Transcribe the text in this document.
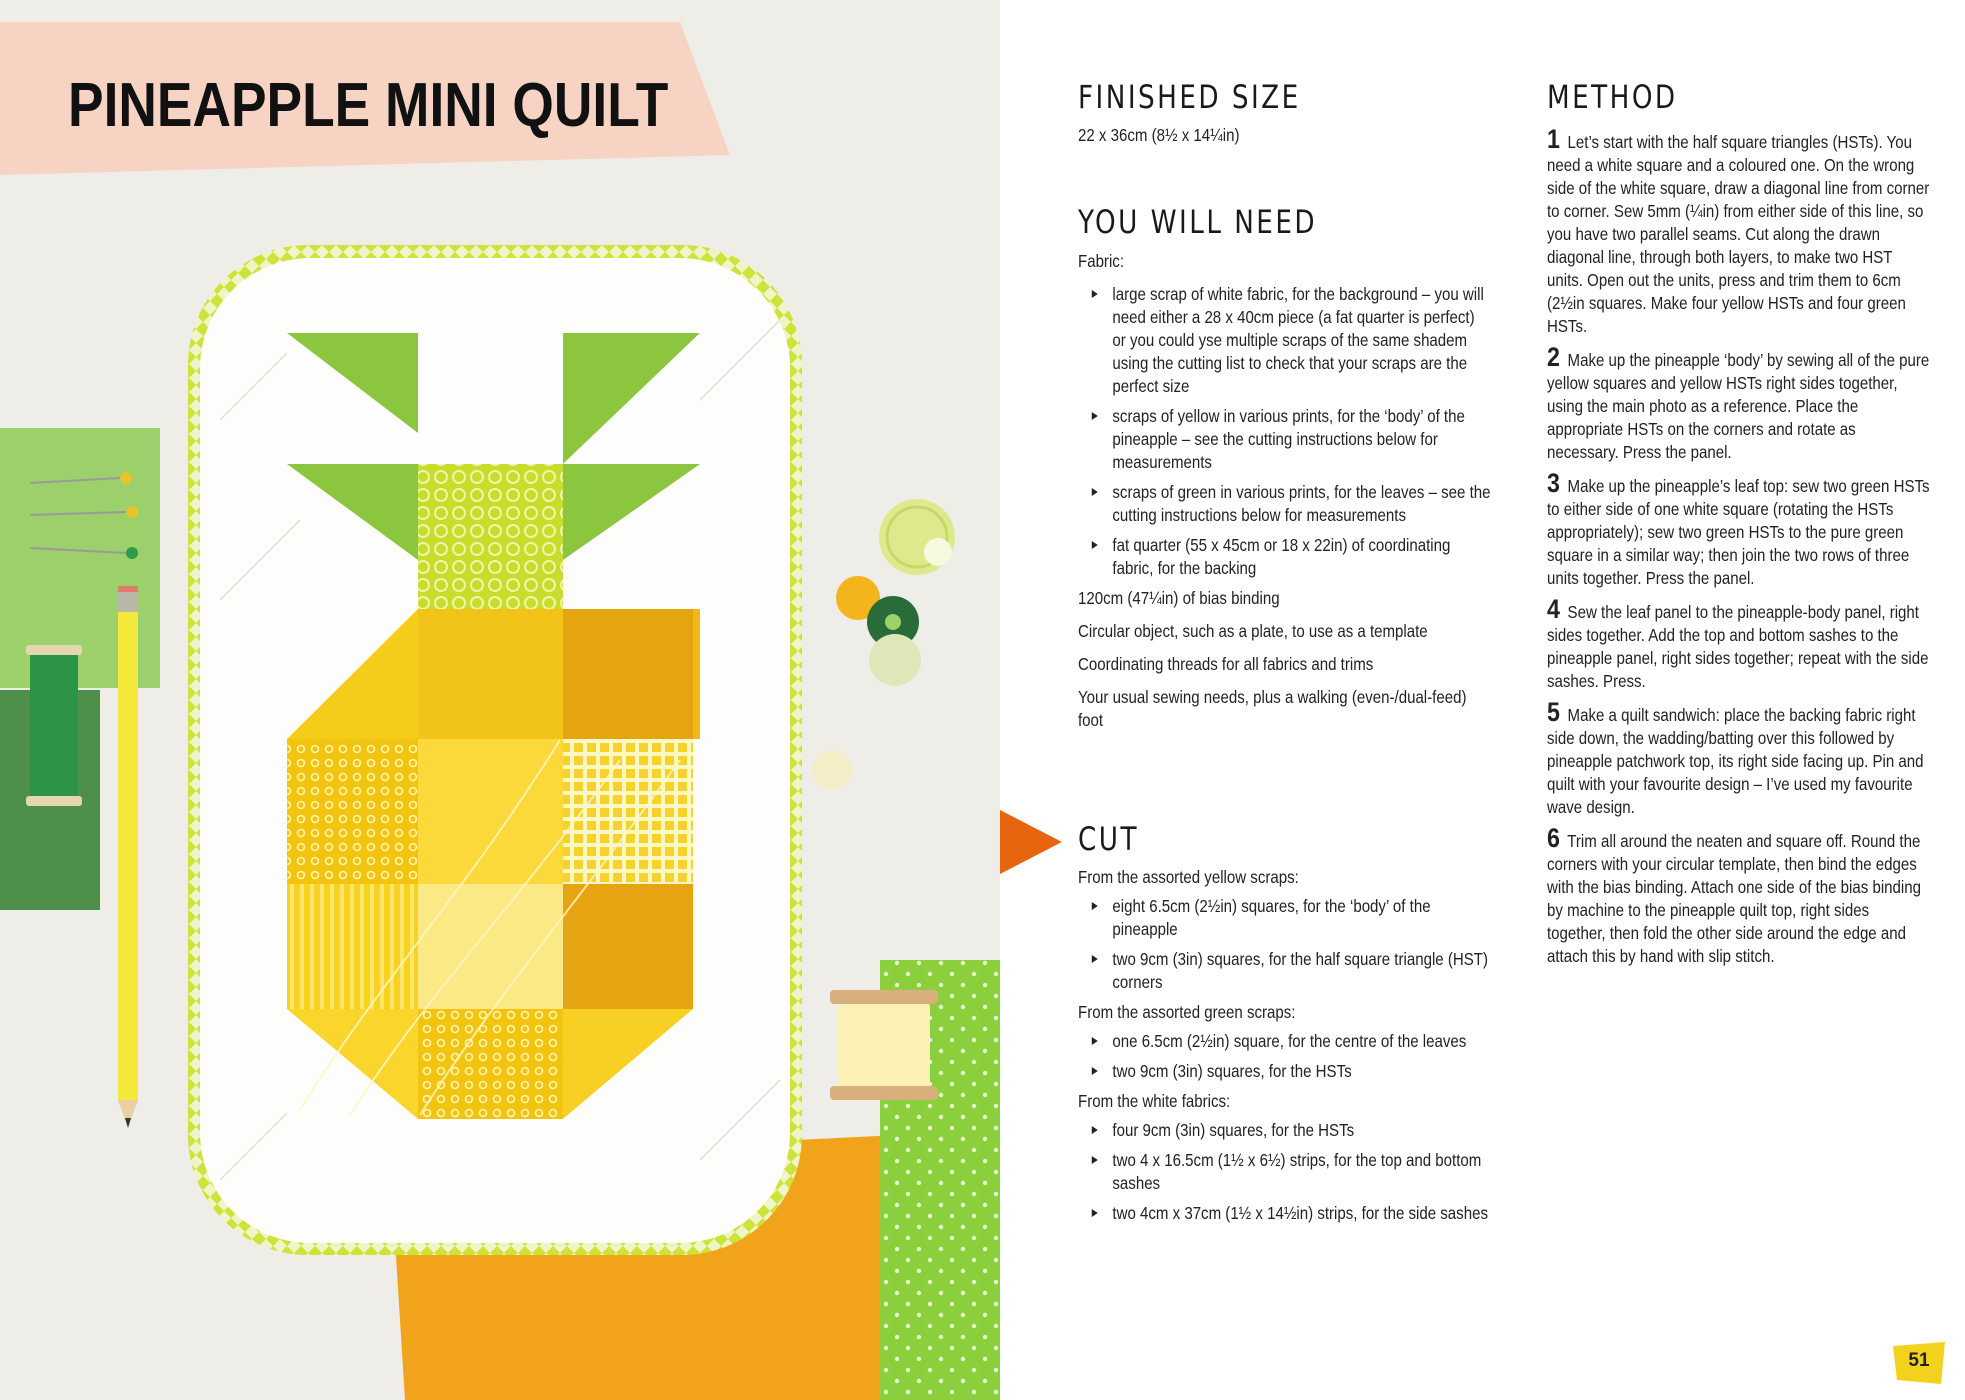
PINEAPPLE MINI QUILT	FINISHED SIZE

22 x 36cm (8½ x 14¼in)

YOU WILL NEED

Fabric:

large scrap of white fabric, for the background – you will need either a 28 x 40cm piece (a fat quarter is perfect) or you could yse multiple scraps of the same shadem using the cutting list to check that your scraps are the perfect size
scraps of yellow in various prints, for the ‘body’ of the pineapple – see the cutting instructions below for measurements
scraps of green in various prints, for the leaves – see the cutting instructions below for measurements
fat quarter (55 x 45cm or 18 x 22in) of coordinating fabric, for the backing

120cm (47¼in) of bias binding

Circular object, such as a plate, to use as a template

Coordinating threads for all fabrics and trims

Your usual sewing needs, plus a walking (even-/dual-feed) foot

CUT

From the assorted yellow scraps:

eight 6.5cm (2½in) squares, for the ‘body’ of the pineapple
two 9cm (3in) squares, for the half square triangle (HST) corners

From the assorted green scraps:

one 6.5cm (2½in) square, for the centre of the leaves
two 9cm (3in) squares, for the HSTs

From the white fabrics:

four 9cm (3in) squares, for the HSTs
two 4 x 16.5cm (1½ x 6½) strips, for the top and bottom sashes
two 4cm x 37cm (1½ x 14½in) strips, for the side sashes
METHOD

1 Let’s start with the half square triangles (HSTs). You need a white square and a coloured one. On the wrong side of the white square, draw a diagonal line from corner to corner. Sew 5mm (¼in) from either side of this line, so you have two parallel seams. Cut along the drawn diagonal line, through both layers, to make two HST units. Open out the units, press and trim them to 6cm (2½in squares. Make four yellow HSTs and four green HSTs.

2 Make up the pineapple ‘body’ by sewing all of the pure yellow squares and yellow HSTs right sides together, using the main photo as a reference. Place the appropriate HSTs on the corners and rotate as necessary. Press the panel.

3 Make up the pineapple’s leaf top: sew two green HSTs to either side of one white square (rotating the HSTs appropriately); sew two green HSTs to the pure green square in a similar way; then join the two rows of three units together. Press the panel.

4 Sew the leaf panel to the pineapple-body panel, right sides together. Add the top and bottom sashes to the pineapple panel, right sides together; repeat with the side sashes. Press.

5 Make a quilt sandwich: place the backing fabric right side down, the wadding/batting over this followed by pineapple patchwork top, its right side facing up. Pin and quilt with your favourite design – I’ve used my favourite wave design.

6 Trim all around the neaten and square off. Round the corners with your circular template, then bind the edges with the bias binding. Attach one side of the bias binding by machine to the pineapple quilt top, right sides together, then fold the other side around the edge and attach this by hand with slip stitch.

51
